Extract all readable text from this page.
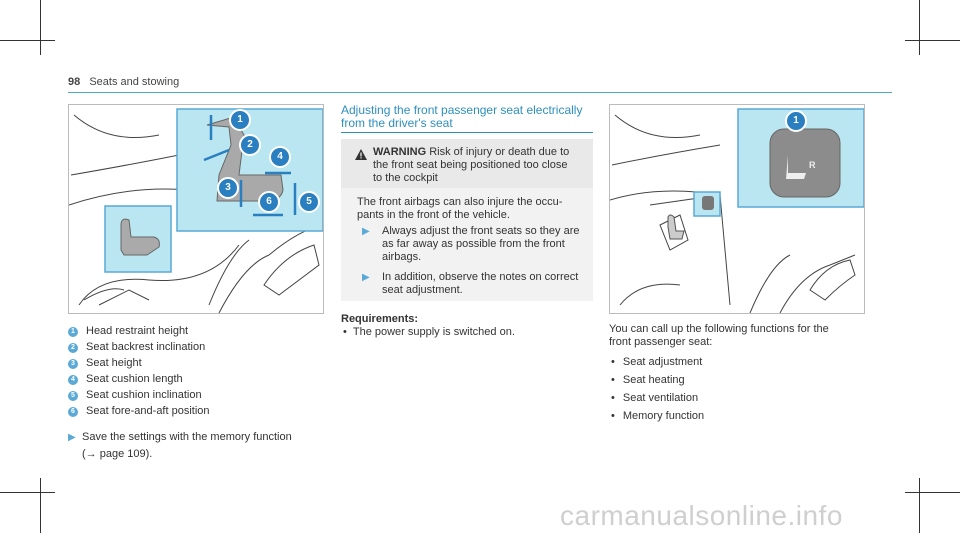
98 Seats and stowing
1
2
4
3
6	5
1 Head restraint height
2 Seat backrest inclination
3 Seat height
4 Seat cushion length
5 Seat cushion inclination
6 Seat fore-and-aft position
▶ Save the settings with the memory function
(→ page 109).
Adjusting the front passenger seat electrically
from the driver's seat
WARNING Risk of injury or death due to
the front seat being positioned too close
to the cockpit
The front airbags can also injure the occu-
pants in the front of the vehicle.
▶	Always adjust the front seats so they are
as far away as possible from the front
airbags.
▶	In addition, observe the notes on correct
seat adjustment.
Requirements:
• The power supply is switched on.
1
R
You can call up the following functions for the
front passenger seat:
• Seat adjustment
• Seat heating
• Seat ventilation
• Memory function
carmanualsonline.info
